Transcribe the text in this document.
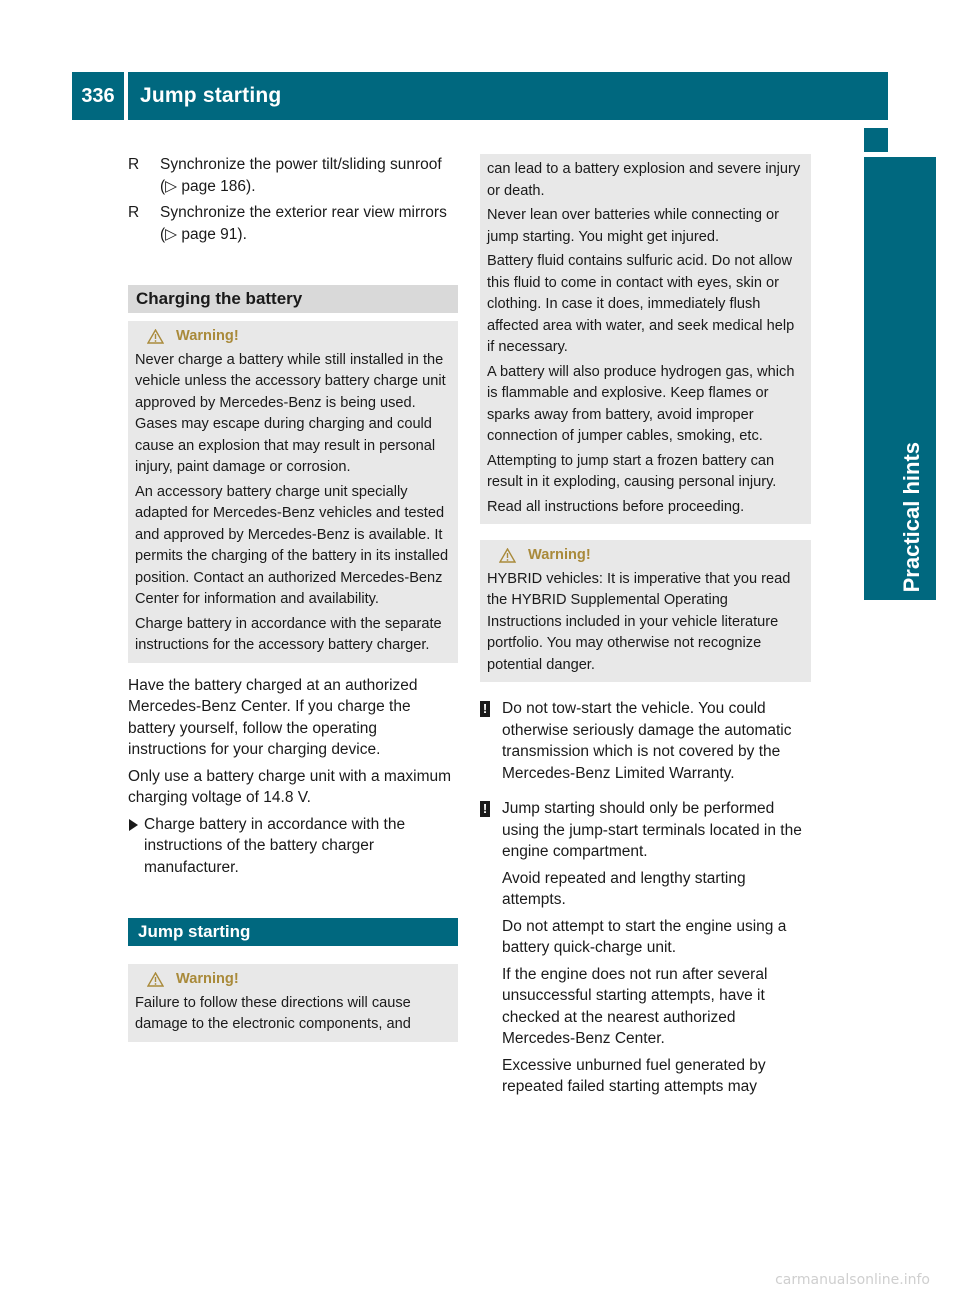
336	Jump starting
Practical hints
R Synchronize the power tilt/sliding sunroof (▷ page 186).
R Synchronize the exterior rear view mirrors (▷ page 91).
Charging the battery
Warning!

Never charge a battery while still installed in the vehicle unless the accessory battery charge unit approved by Mercedes-Benz is being used. Gases may escape during charging and could cause an explosion that may result in personal injury, paint damage or corrosion.

An accessory battery charge unit specially adapted for Mercedes-Benz vehicles and tested and approved by Mercedes-Benz is available. It permits the charging of the battery in its installed position. Contact an authorized Mercedes-Benz Center for information and availability.

Charge battery in accordance with the separate instructions for the accessory battery charger.

Have the battery charged at an authorized Mercedes-Benz Center. If you charge the battery yourself, follow the operating instructions for your charging device.

Only use a battery charge unit with a maximum charging voltage of 14.8 V.

Charge battery in accordance with the instructions of the battery charger manufacturer.
Jump starting
Warning!

Failure to follow these directions will cause damage to the electronic components, and

can lead to a battery explosion and severe injury or death.

Never lean over batteries while connecting or jump starting. You might get injured.

Battery fluid contains sulfuric acid. Do not allow this fluid to come in contact with eyes, skin or clothing. In case it does, immediately flush affected area with water, and seek medical help if necessary.

A battery will also produce hydrogen gas, which is flammable and explosive. Keep flames or sparks away from battery, avoid improper connection of jumper cables, smoking, etc.

Attempting to jump start a frozen battery can result in it exploding, causing personal injury.

Read all instructions before proceeding.

Warning!

HYBRID vehicles: It is imperative that you read the HYBRID Supplemental Operating Instructions included in your vehicle literature portfolio. You may otherwise not recognize potential danger.

! Do not tow-start the vehicle. You could otherwise seriously damage the automatic transmission which is not covered by the Mercedes-Benz Limited Warranty.

! Jump starting should only be performed using the jump-start terminals located in the engine compartment.

Avoid repeated and lengthy starting attempts.

Do not attempt to start the engine using a battery quick-charge unit.

If the engine does not run after several unsuccessful starting attempts, have it checked at the nearest authorized Mercedes-Benz Center.

Excessive unburned fuel generated by repeated failed starting attempts may

carmanualsonline.info
